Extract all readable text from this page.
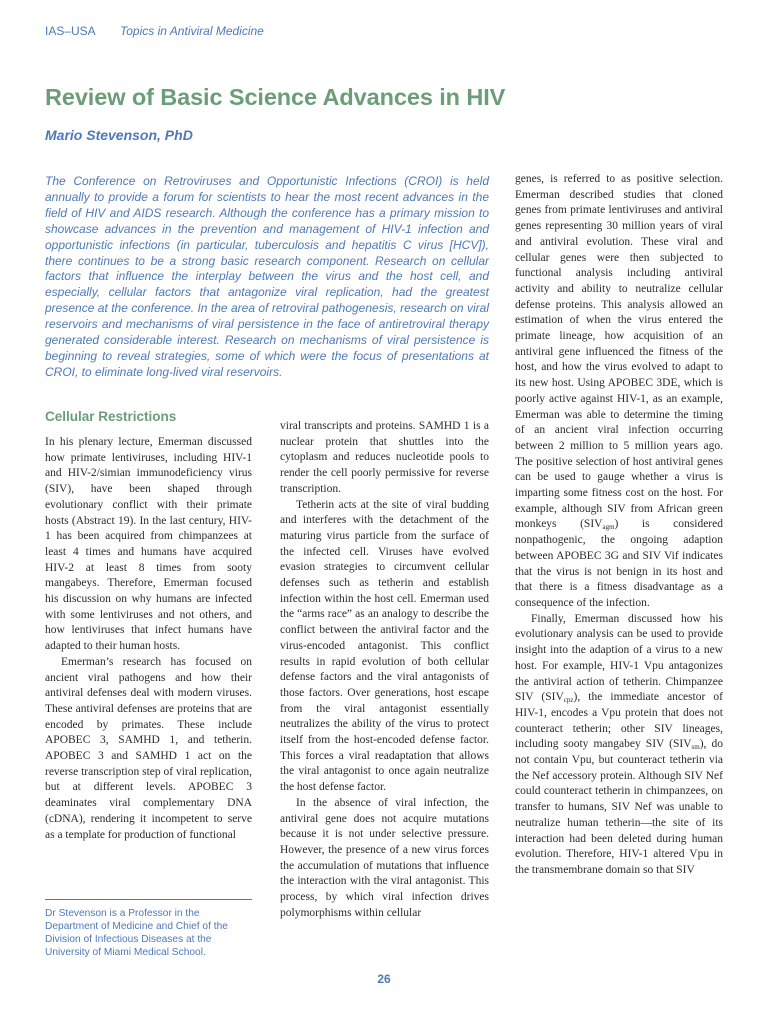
IAS–USA Topics in Antiviral Medicine
Review of Basic Science Advances in HIV
Mario Stevenson, PhD
The Conference on Retroviruses and Opportunistic Infections (CROI) is held annually to provide a forum for scientists to hear the most recent advances in the field of HIV and AIDS research. Although the conference has a primary mission to showcase advances in the prevention and management of HIV-1 infection and opportunistic infections (in particular, tuberculosis and hepatitis C virus [HCV]), there continues to be a strong basic research component. Research on cellular factors that influence the interplay between the virus and the host cell, and especially, cellular factors that antagonize viral replication, had the greatest presence at the conference. In the area of retroviral pathogenesis, research on viral reservoirs and mechanisms of viral persistence in the face of antiretroviral therapy generated considerable interest. Research on mechanisms of viral persistence is beginning to reveal strategies, some of which were the focus of presentations at CROI, to eliminate long-lived viral reservoirs.
Cellular Restrictions

In his plenary lecture, Emerman discussed how primate lentiviruses, including HIV-1 and HIV-2/simian immunodeficiency virus (SIV), have been shaped through evolutionary conflict with their primate hosts (Abstract 19). In the last century, HIV-1 has been acquired from chimpanzees at least 4 times and humans have acquired HIV-2 at least 8 times from sooty mangabeys. Therefore, Emerman focused his discussion on why humans are infected with some lentiviruses and not others, and how lentiviruses that infect humans have adapted to their human hosts.

Emerman’s research has focused on ancient viral pathogens and how their antiviral defenses deal with modern viruses. These antiviral defenses are proteins that are encoded by primates. These include APOBEC 3, SAMHD 1, and tetherin. APOBEC 3 and SAMHD 1 act on the reverse transcription step of viral replication, but at different levels. APOBEC 3 deaminates viral complementary DNA (cDNA), rendering it incompetent to serve as a template for production of functional

viral transcripts and proteins. SAMHD 1 is a nuclear protein that shuttles into the cytoplasm and reduces nucleotide pools to render the cell poorly permissive for reverse transcription.

Tetherin acts at the site of viral budding and interferes with the detachment of the maturing virus particle from the surface of the infected cell. Viruses have evolved evasion strategies to circumvent cellular defenses such as tetherin and establish infection within the host cell. Emerman used the “arms race” as an analogy to describe the conflict between the antiviral factor and the virus-encoded antagonist. This conflict results in rapid evolution of both cellular defense factors and the viral antagonists of those factors. Over generations, host escape from the viral antagonist essentially neutralizes the ability of the virus to protect itself from the host-encoded defense factor. This forces a viral readaptation that allows the viral antagonist to once again neutralize the host defense factor.

In the absence of viral infection, the antiviral gene does not acquire mutations because it is not under selective pressure. However, the presence of a new virus forces the accumulation of mutations that influence the interaction with the viral antagonist. This process, by which viral infection drives polymorphisms within cellular

genes, is referred to as positive selection. Emerman described studies that cloned genes from primate lentiviruses and antiviral genes representing 30 million years of viral and antiviral evolution. These viral and cellular genes were then subjected to functional analysis including antiviral activity and ability to neutralize cellular defense proteins. This analysis allowed an estimation of when the virus entered the primate lineage, how acquisition of an antiviral gene influenced the fitness of the host, and how the virus evolved to adapt to its new host. Using APOBEC 3DE, which is poorly active against HIV-1, as an example, Emerman was able to determine the timing of an ancient viral infection occurring between 2 million to 5 million years ago. The positive selection of host antiviral genes can be used to gauge whether a virus is imparting some fitness cost on the host. For example, although SIV from African green monkeys $(SIV_{agm})$ is considered nonpathogenic, the ongoing adaption between APOBEC 3G and SIV Vif indicates that the virus is not benign in its host and that there is a fitness disadvantage as a consequence of the infection.

Finally, Emerman discussed how his evolutionary analysis can be used to provide insight into the adaption of a virus to a new host. For example, HIV-1 Vpu antagonizes the antiviral action of tetherin. Chimpanzee SIV $(SIV_{cpz})$, the immediate ancestor of HIV-1, encodes a Vpu protein that does not counteract tetherin; other SIV lineages, including sooty mangabey SIV $(SIV_{sm})$, do not contain Vpu, but counteract tetherin via the Nef accessory protein. Although SIV Nef could counteract tetherin in chimpanzees, on transfer to humans, SIV Nef was unable to neutralize human tetherin—the site of its interaction had been deleted during human evolution. Therefore, HIV-1 altered Vpu in the transmembrane domain so that SIV

Dr Stevenson is a Professor in the Department of Medicine and Chief of the Division of Infectious Diseases at the University of Miami Medical School.
26
